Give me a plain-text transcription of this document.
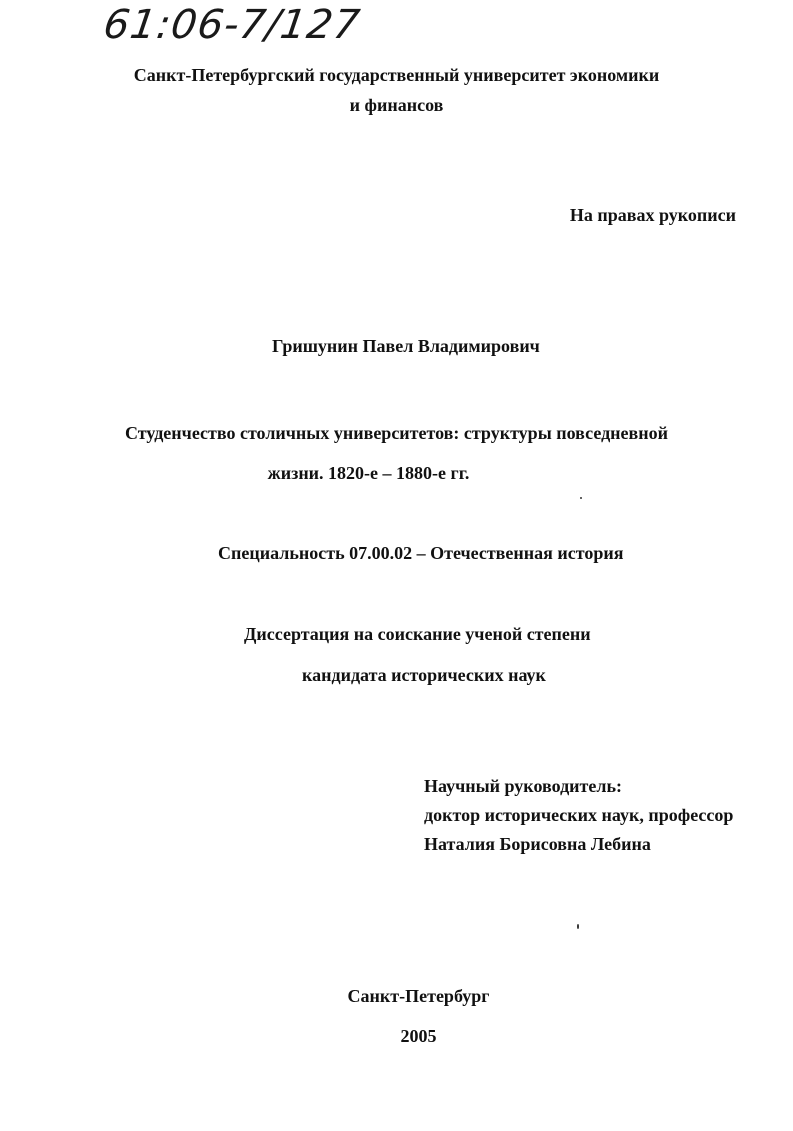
61:06-7/127
Санкт-Петербургский государственный университет экономики
и финансов
На правах рукописи
Гришунин Павел Владимирович
Студенчество столичных университетов: структуры повседневной
жизни. 1820-е – 1880-е гг.
Специальность 07.00.02 – Отечественная история
Диссертация на соискание ученой степени
кандидата исторических наук
Научный руководитель:
доктор исторических наук, профессор
Наталия Борисовна Лебина
Санкт-Петербург
2005
